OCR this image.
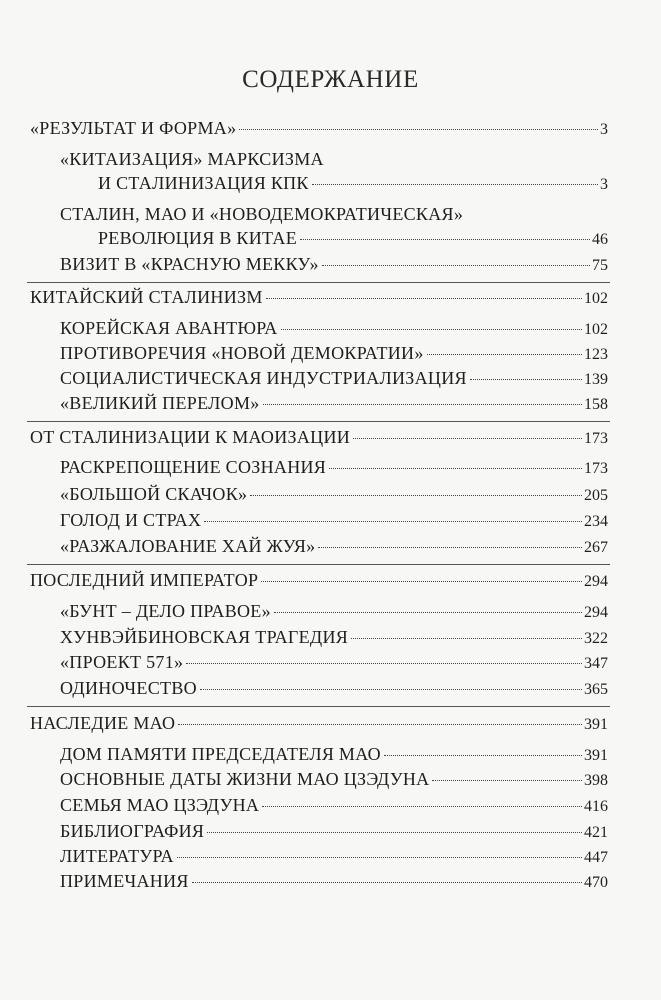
СОДЕРЖАНИЕ
«РЕЗУЛЬТАТ И ФОРМА»	3
«КИТАИЗАЦИЯ» МАРКСИЗМА
И СТАЛИНИЗАЦИЯ КПК	3
СТАЛИН, МАО И «НОВОДЕМОКРАТИЧЕСКАЯ»
РЕВОЛЮЦИЯ В КИТАЕ	46
ВИЗИТ В «КРАСНУЮ МЕККУ»	75
КИТАЙСКИЙ СТАЛИНИЗМ	102
КОРЕЙСКАЯ АВАНТЮРА	102
ПРОТИВОРЕЧИЯ «НОВОЙ ДЕМОКРАТИИ»	123
СОЦИАЛИСТИЧЕСКАЯ ИНДУСТРИАЛИЗАЦИЯ	139
«ВЕЛИКИЙ ПЕРЕЛОМ»	158
ОТ СТАЛИНИЗАЦИИ К МАОИЗАЦИИ	173
РАСКРЕПОЩЕНИЕ СОЗНАНИЯ	173
«БОЛЬШОЙ СКАЧОК»	205
ГОЛОД И СТРАХ	234
«РАЗЖАЛОВАНИЕ ХАЙ ЖУЯ»	267
ПОСЛЕДНИЙ ИМПЕРАТОР	294
«БУНТ – ДЕЛО ПРАВОЕ»	294
ХУНВЭЙБИНОВСКАЯ ТРАГЕДИЯ	322
«ПРОЕКТ 571»	347
ОДИНОЧЕСТВО	365
НАСЛЕДИЕ МАО	391
ДОМ ПАМЯТИ ПРЕДСЕДАТЕЛЯ МАО	391
ОСНОВНЫЕ ДАТЫ ЖИЗНИ МАО ЦЗЭДУНА	398
СЕМЬЯ МАО ЦЗЭДУНА	416
БИБЛИОГРАФИЯ	421
ЛИТЕРАТУРА	447
ПРИМЕЧАНИЯ	470
